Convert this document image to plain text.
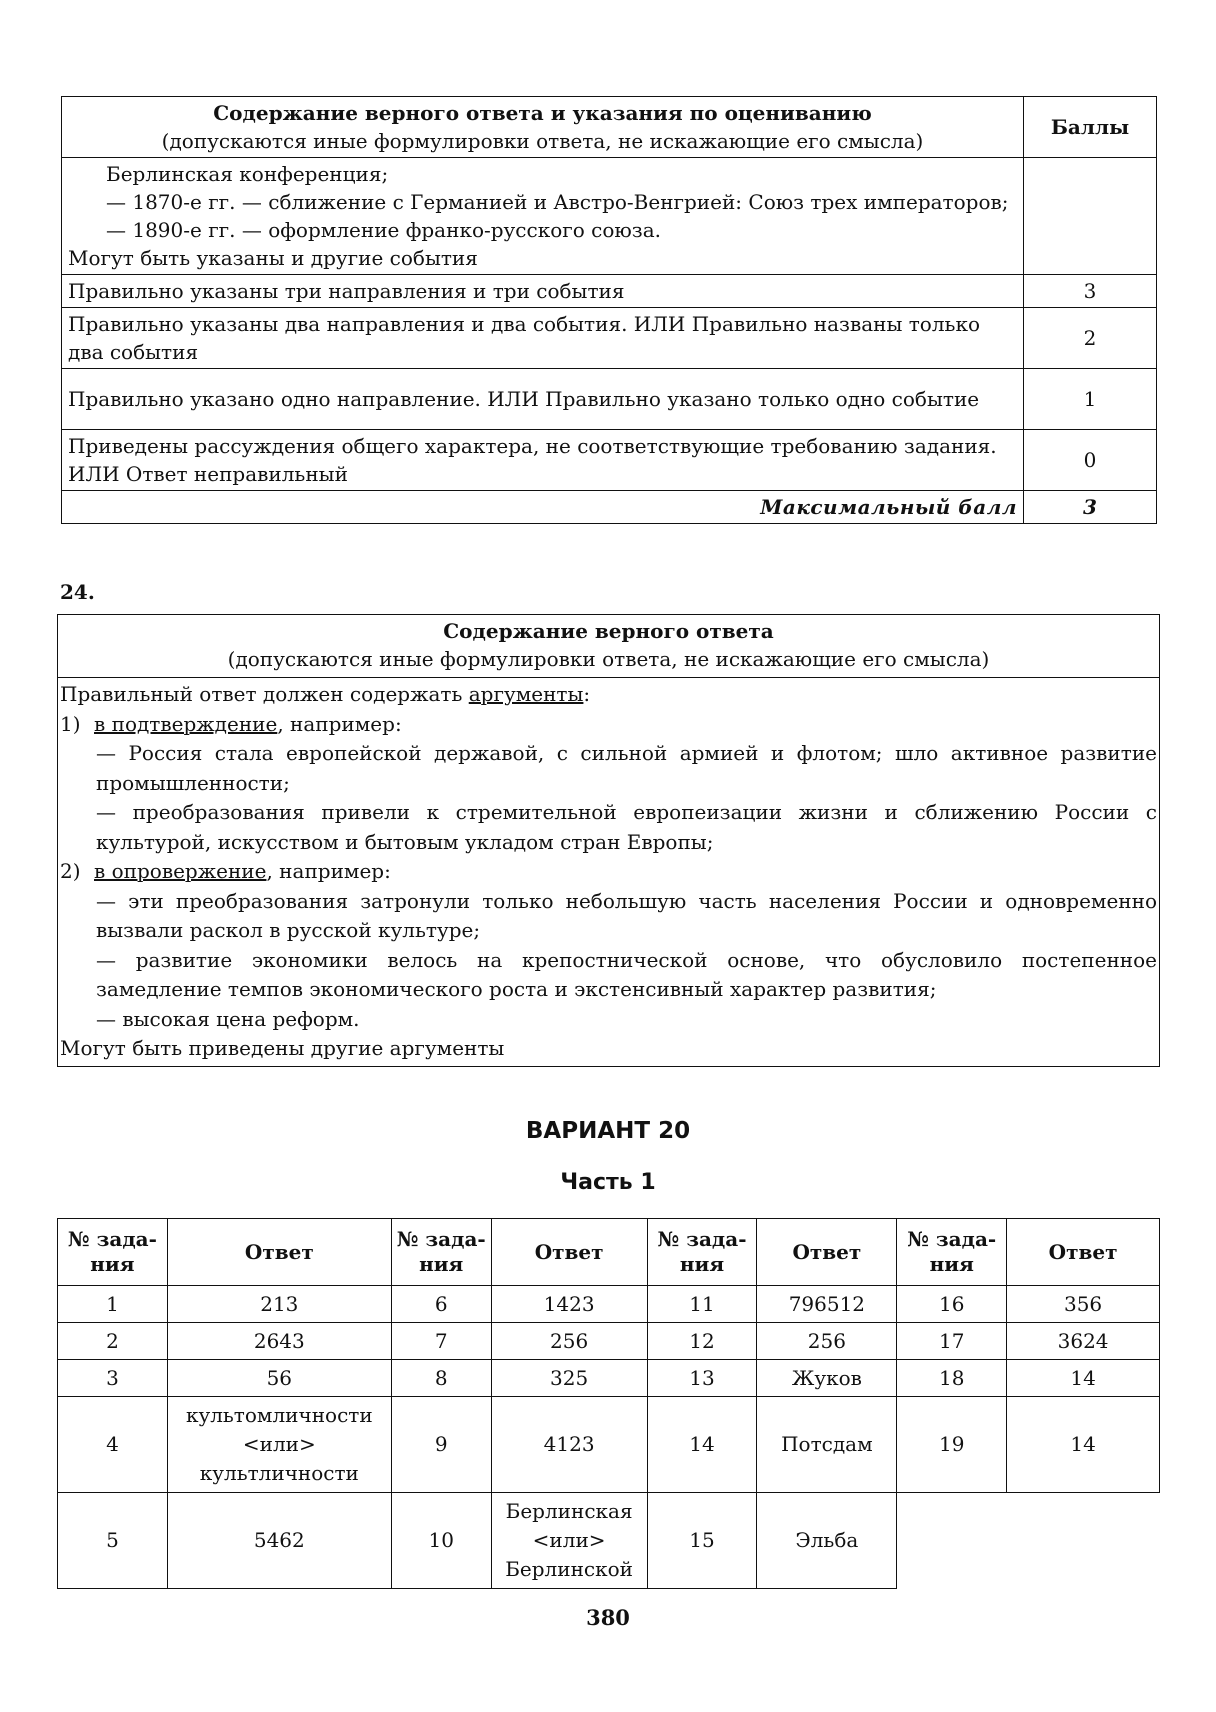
Содержание верного ответа и указания по оцениванию
(допускаются иные формулировки ответа, не искажающие его смысла)	Баллы

Берлинская конференция;
— 1870-е гг. — сближение с Германией и Австро-Венгрией: Союз трех императоров;
— 1890-е гг. — оформление франко-русского союза.
Могут быть указаны и другие события	

Правильно указаны три направления и три события	3
Правильно указаны два направления и два события. ИЛИ Правильно названы только два события	2
Правильно указано одно направление. ИЛИ Правильно указано только одно событие	1
Приведены рассуждения общего характера, не соответствующие требованию задания. ИЛИ Ответ неправильный	0
Максимальный балл	3
24.
Содержание верного ответа
(допускаются иные формулировки ответа, не искажающие его смысла)

Правильный ответ должен содержать аргументы:
1) в подтверждение, например:
— Россия стала европейской державой, с сильной армией и флотом; шло активное развитие промышленности;
— преобразования привели к стремительной европеизации жизни и сближению России с культурой, искусством и бытовым укладом стран Европы;
2) в опровержение, например:
— эти преобразования затронули только небольшую часть населения России и одновременно вызвали раскол в русской культуре;
— развитие экономики велось на крепостнической основе, что обусловило постепенное замедление темпов экономического роста и экстенсивный характер развития;
— высокая цена реформ.
Могут быть приведены другие аргументы
ВАРИАНТ 20
Часть 1
№ зада-ния	Ответ	№ зада-ния	Ответ	№ зада-ния	Ответ	№ зада-ния	Ответ
1	213	6	1423	11	796512	16	356
2	2643	7	256	12	256	17	3624
3	56	8	325	13	Жуков	18	14
4	культомличности
<или>
культличности	9	4123	14	Потсдам	19	14
5	5462	10	Берлинская
<или>
Берлинской	15	Эльба		
380
